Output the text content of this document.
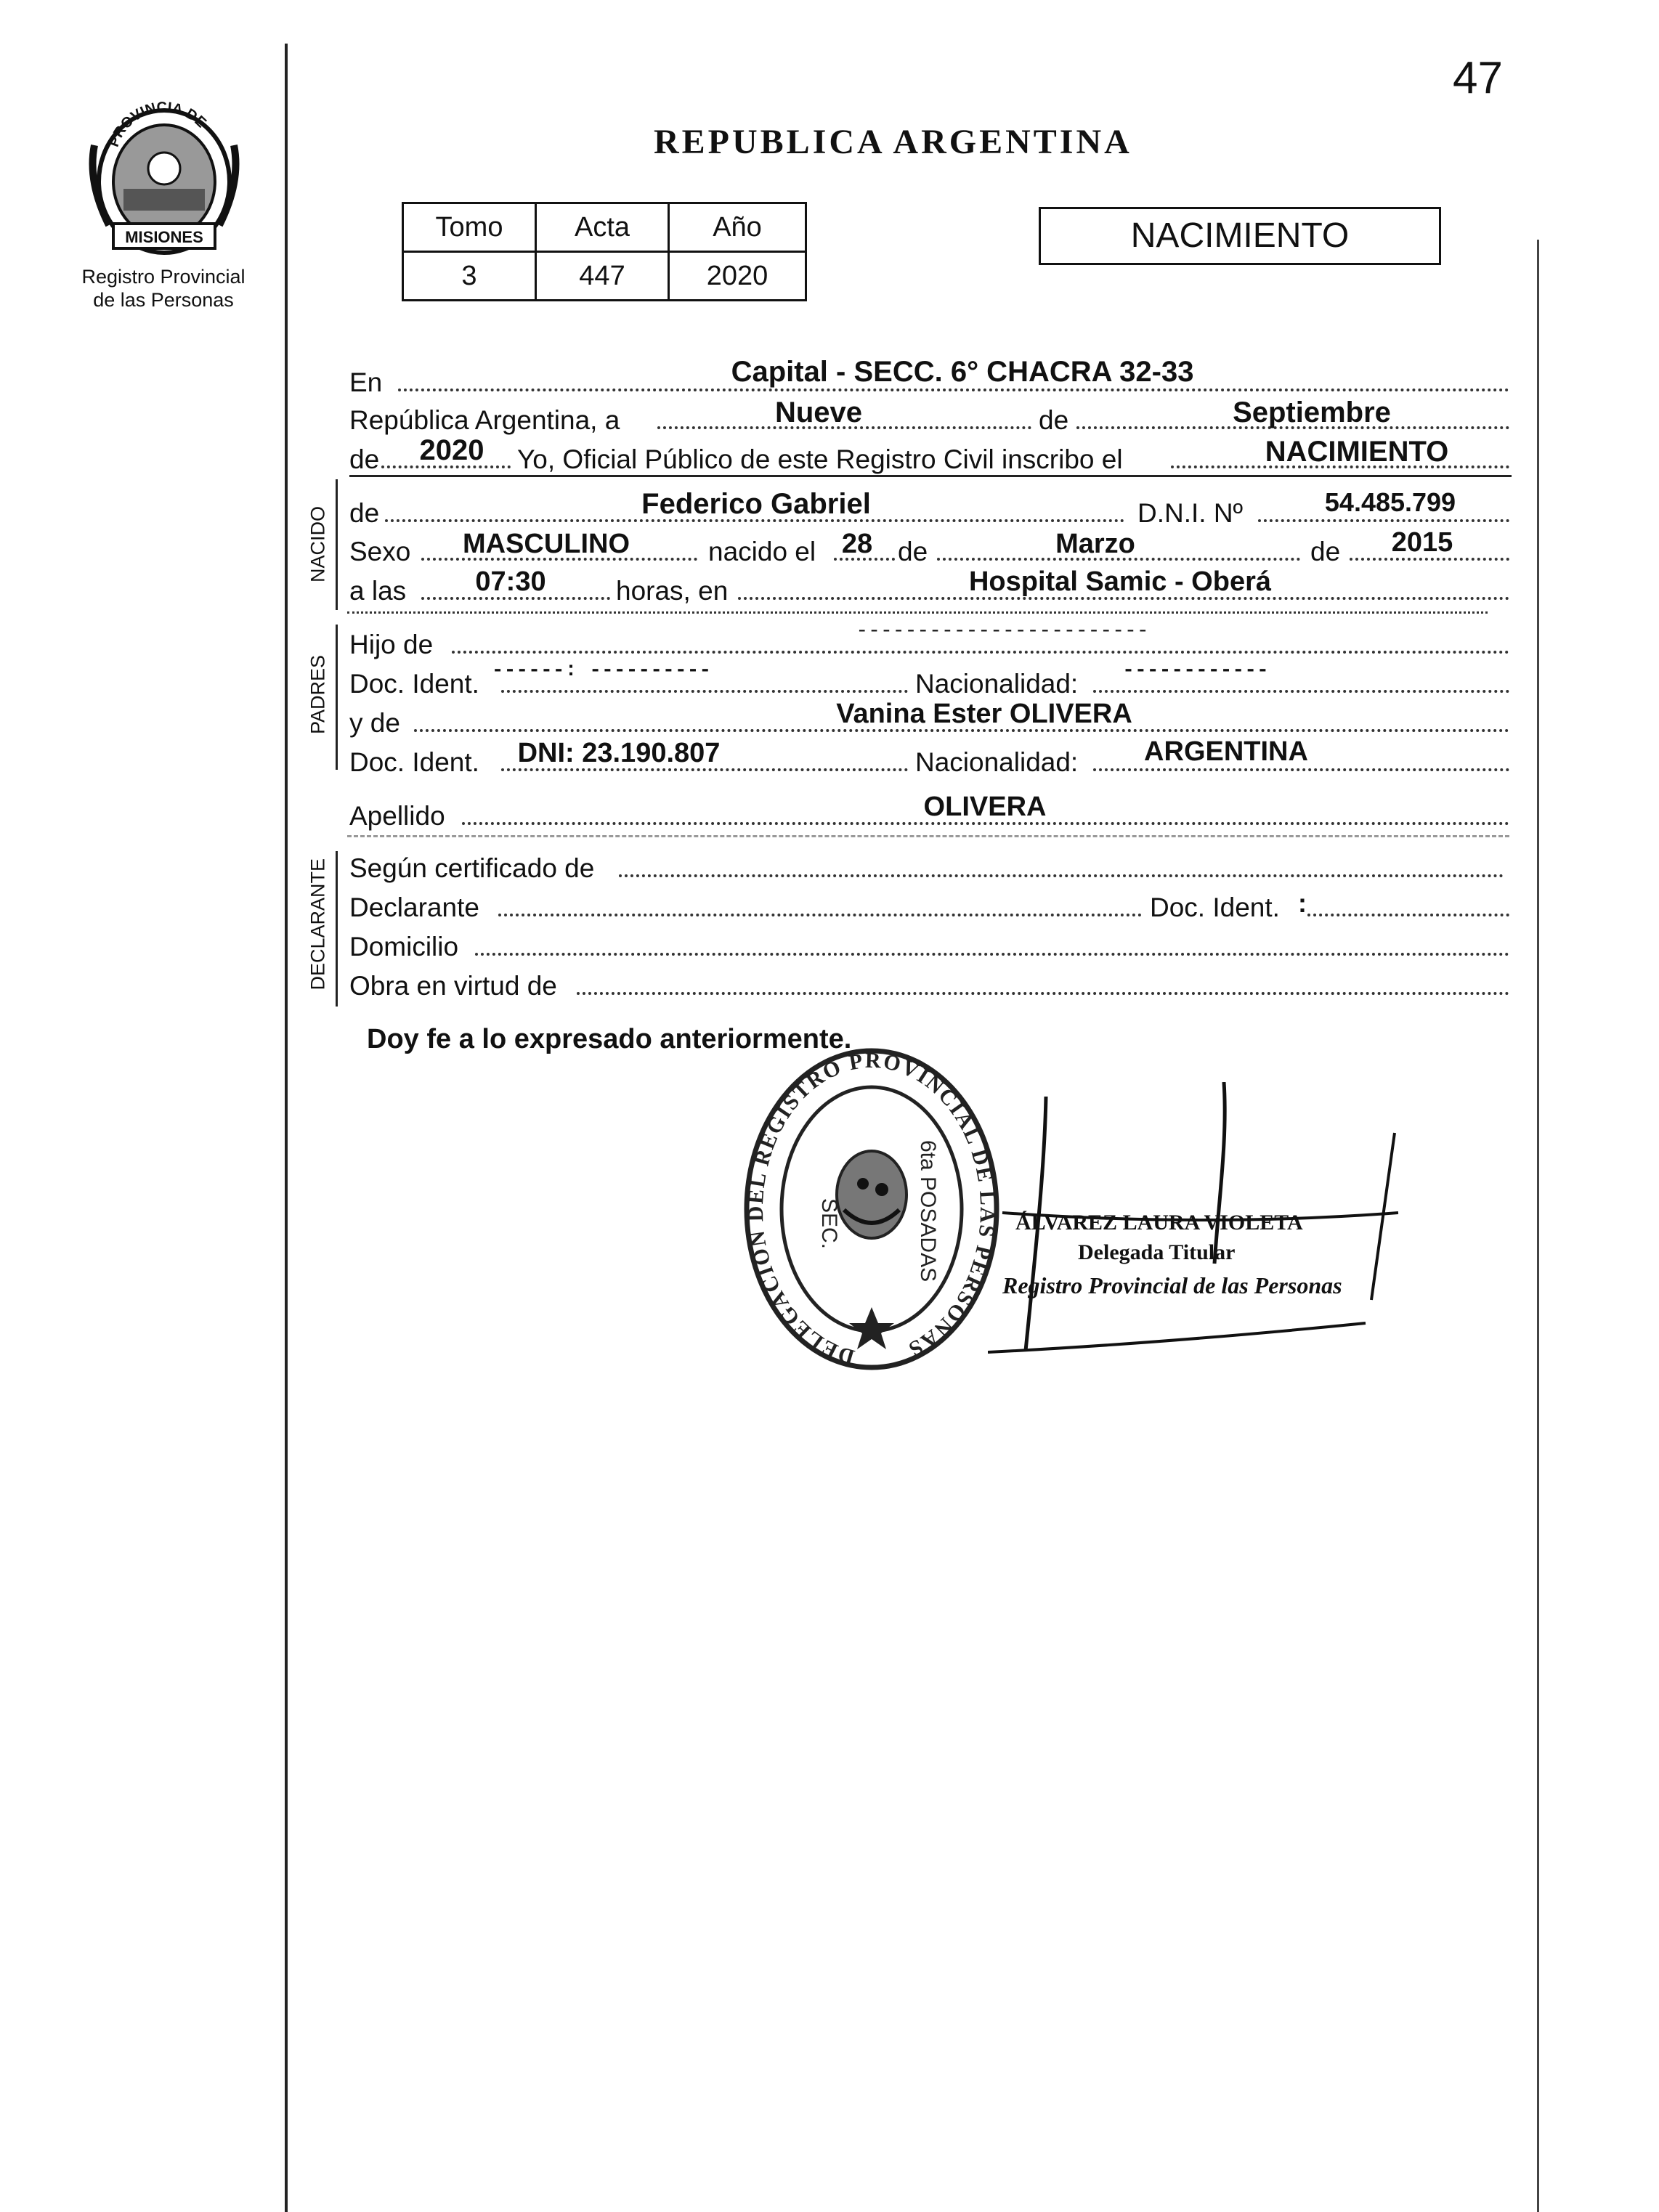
47
PROVINCIA DE
MISIONES
Registro Provincial
de las Personas
REPUBLICA ARGENTINA
Tomo	Acta	Año
3	447	2020
NACIMIENTO
En	Capital - SECC. 6° CHACRA 32-33
República Argentina, a	Nueve	de	Septiembre
de 2020 Yo, Oficial Público de este Registro Civil inscribo el	NACIMIENTO
NACIDO de	Federico Gabriel	D.N.I. Nº	54.485.799
Sexo MASCULINO	nacido el 28 de	Marzo	de 2015
a las	07:30	horas, en	Hospital Samic - Oberá
PADRES
Hijo de	------------------------
Doc. Ident. ------: ----------	Nacionalidad: ------------
y de	Vanina Ester OLIVERA
Doc. Ident. DNI: 23.190.807	Nacionalidad: ARGENTINA
Apellido	OLIVERA
DECLARANTE Según certificado de
Declarante	Doc. Ident. :
Domicilio
Obra en virtud de
Doy fe a lo expresado anteriormente.
DELEGACION DEL REGISTRO PROVINCIAL DE LAS PERSONAS
SEC.	6ta POSADAS	ÁLVAREZ LAURA VIOLETA
Delegada Titular
Registro Provincial de las Personas
